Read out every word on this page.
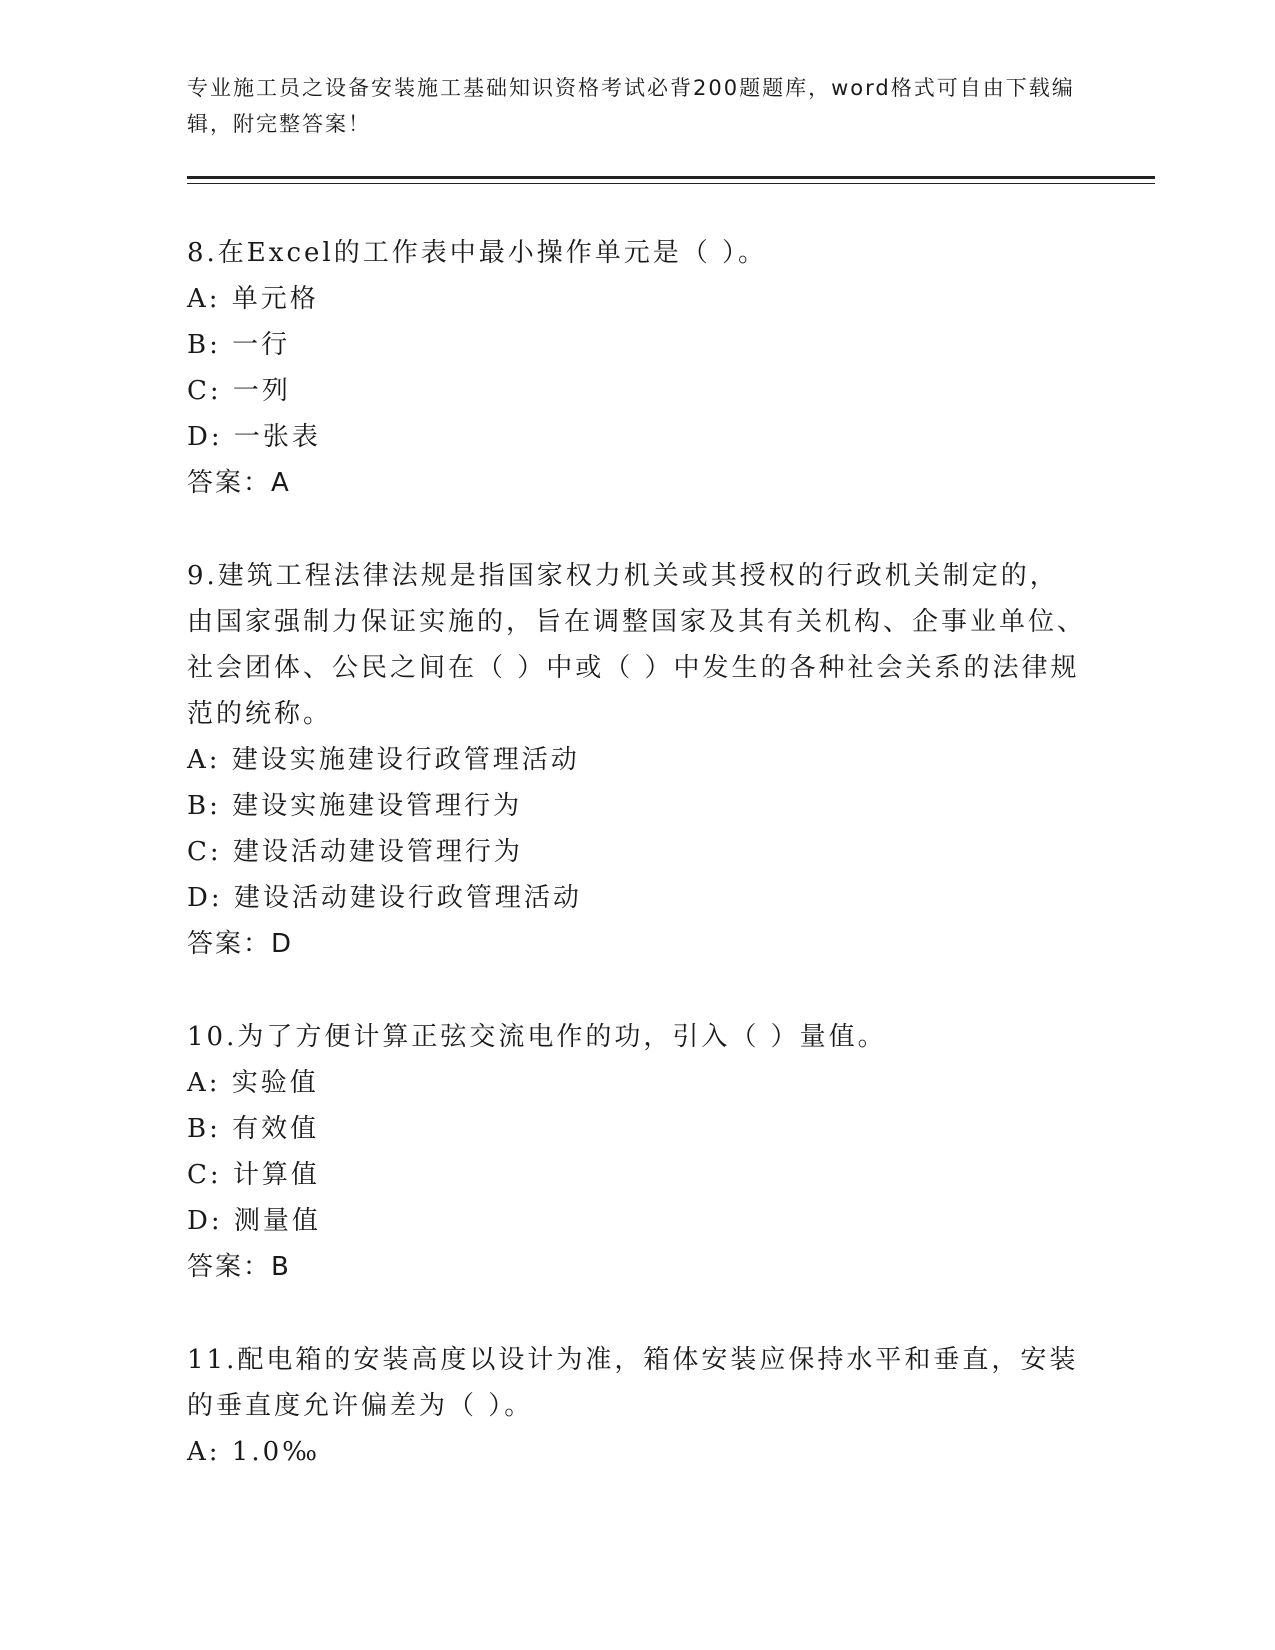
专业施工员之设备安装施工基础知识资格考试必背200题题库，word格式可自由下载编辑，附完整答案！
8.在Excel的工作表中最小操作单元是（ ）。
A: 单元格
B: 一行
C: 一列
D: 一张表
答案：A
9.建筑工程法律法规是指国家权力机关或其授权的行政机关制定的，由国家强制力保证实施的，旨在调整国家及其有关机构、企事业单位、社会团体、公民之间在（ ）中或（ ）中发生的各种社会关系的法律规范的统称。
A: 建设实施建设行政管理活动
B: 建设实施建设管理行为
C: 建设活动建设管理行为
D: 建设活动建设行政管理活动
答案：D
10.为了方便计算正弦交流电作的功，引入（ ）量值。
A: 实验值
B: 有效值
C: 计算值
D: 测量值
答案：B
11.配电箱的安装高度以设计为准，箱体安装应保持水平和垂直，安装的垂直度允许偏差为（ ）。
A: 1.0‰
